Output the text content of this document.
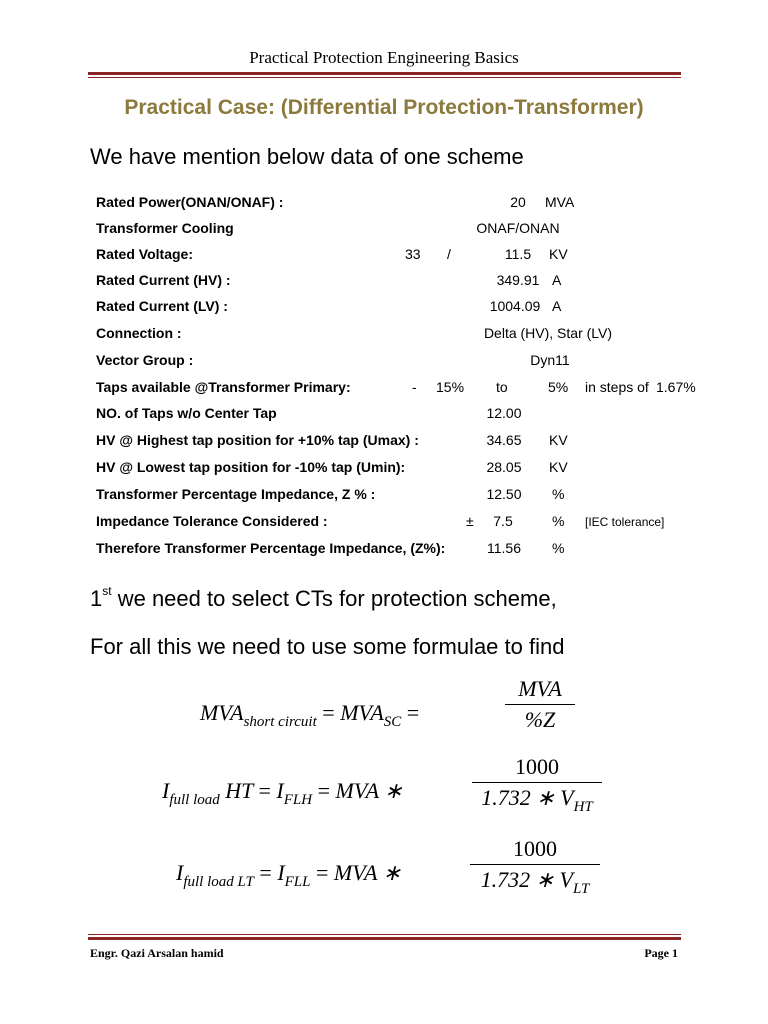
Practical Protection Engineering Basics
Practical Case: (Differential Protection-Transformer)
We have mention below data of one scheme
Rated Power(ONAN/ONAF) :	20	MVA
Transformer Cooling	ONAF/ONAN
Rated Voltage:	33 /	11.5	KV
Rated Current (HV) :	349.91 A
Rated Current (LV) :	1004.09 A
Connection :	Delta (HV), Star (LV)
Vector Group :	Dyn11
Taps available @Transformer Primary:	- 15% to	5% in steps of 1.67%
NO. of Taps w/o Center Tap	12.00
HV @ Highest tap position for +10% tap (Umax) :	34.65	KV
HV @ Lowest tap position for -10% tap (Umin):	28.05	KV
Transformer Percentage Impedance, Z % :	12.50	%
Impedance Tolerance Considered :	±	7.5	% [IEC tolerance]
Therefore Transformer Percentage Impedance, (Z%):	11.56	%
1st we need to select CTs for protection scheme,
For all this we need to use some formulae to find
$MVA_{short circuit} = MVA_{SC}$ =
MVA
%Z
$I_{full load}$ HT = $I_{FLH}$ = MVA ∗
1000
1.732 ∗ $V_{HT}$
$I_{full load LT} = I_{FLL}$ = MVA ∗
1000
1.732 ∗ $V_{LT}$
Engr. Qazi Arsalan hamid	Page 1
